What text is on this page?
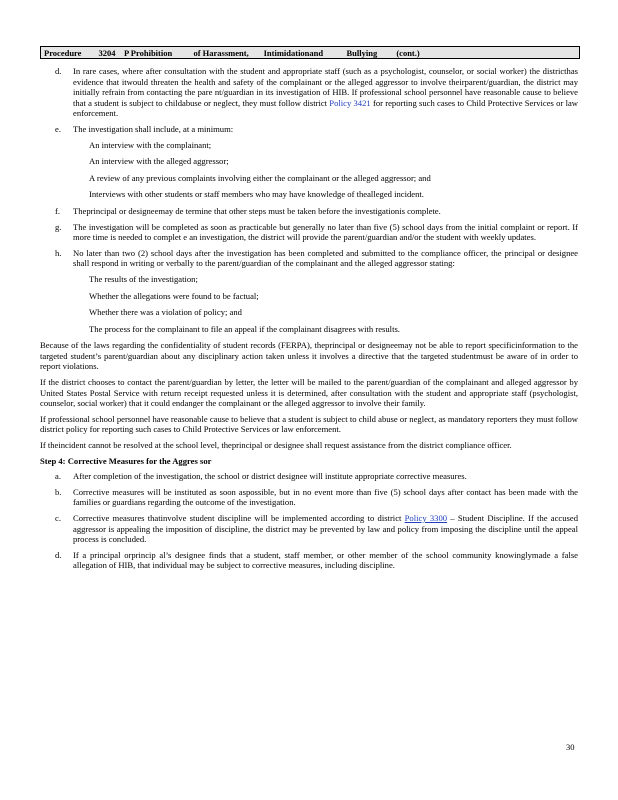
Procedure 3204 P Prohibition	of Harassment, Intimidationand	Bullying (cont.)
d. In rare cases, where after consultation with the student and appropriate staff (such as a psychologist, counselor, or social worker) the districthas evidence that itwould threaten the health and safety of the complainant or the alleged aggressor to involve theirparent/guardian, the district may initially refrain from contacting the pare nt/guardian in its investigation of HIB. If professional school personnel have reasonable cause to believe that a student is subject to childabuse or neglect, they must follow district Policy 3421 for reporting such cases to Child Protective Services or law enforcement.
e. The investigation shall include, at a minimum:
An interview with the complainant;
An interview with the alleged aggressor;
A review of any previous complaints involving either the complainant or the alleged aggressor; and
Interviews with other students or staff members who may have knowledge of thealleged incident.
f. Theprincipal or designeemay de termine that other steps must be taken before the investigationis complete.
g. The investigation will be completed as soon as practicable but generally no later than five (5) school days from the initial complaint or report. If more time is needed to complet e an investigation, the district will provide the parent/guardian and/or the student with weekly updates.
h. No later than two (2) school days after the investigation has been completed and submitted to the compliance officer, the principal or designee shall respond in writing or verbally to the parent/guardian of the complainant and the alleged aggressor stating:
The results of the investigation;
Whether the allegations were found to be factual;
Whether there was a violation of policy; and
The process for the complainant to file an appeal if the complainant disagrees with results.

Because of the laws regarding the confidentiality of student records (FERPA), theprincipal or designeemay not be able to report specificinformation to the targeted student’s parent/guardian about any disciplinary action taken unless it involves a directive that the targeted studentmust be aware of in order to report violations.

If the district chooses to contact the parent/guardian by letter, the letter will be mailed to the parent/guardian of the complainant and alleged aggressor by United States Postal Service with return receipt requested unless it is determined, after consultation with the student and appropriate staff (psychologist, counselor, social worker) that it could endanger the complainant or the alleged aggressor to involve their family.

If professional school personnel have reasonable cause to believe that a student is subject to child abuse or neglect, as mandatory reporters they must follow district policy for reporting such cases to Child Protective Services or law enforcement.

If theincident cannot be resolved at the school level, theprincipal or designee shall request assistance from the district compliance officer.

Step 4: Corrective Measures for the Aggres sor

a. After completion of the investigation, the school or district designee will institute appropriate corrective measures.
b. Corrective measures will be instituted as soon aspossible, but in no event more than five (5) school days after contact has been made with the families or guardians regarding the outcome of the investigation.
c. Corrective measures thatinvolve student discipline will be implemented according to district Policy 3300 – Student Discipline. If the accused aggressor is appealing the imposition of discipline, the district may be prevented by law and policy from imposing the discipline until the appeal process is concluded.
d. If a principal orprincip al’s designee finds that a student, staff member, or other member of the school community knowinglymade a false allegation of HIB, that individual may be subject to corrective measures, including discipline.
30
